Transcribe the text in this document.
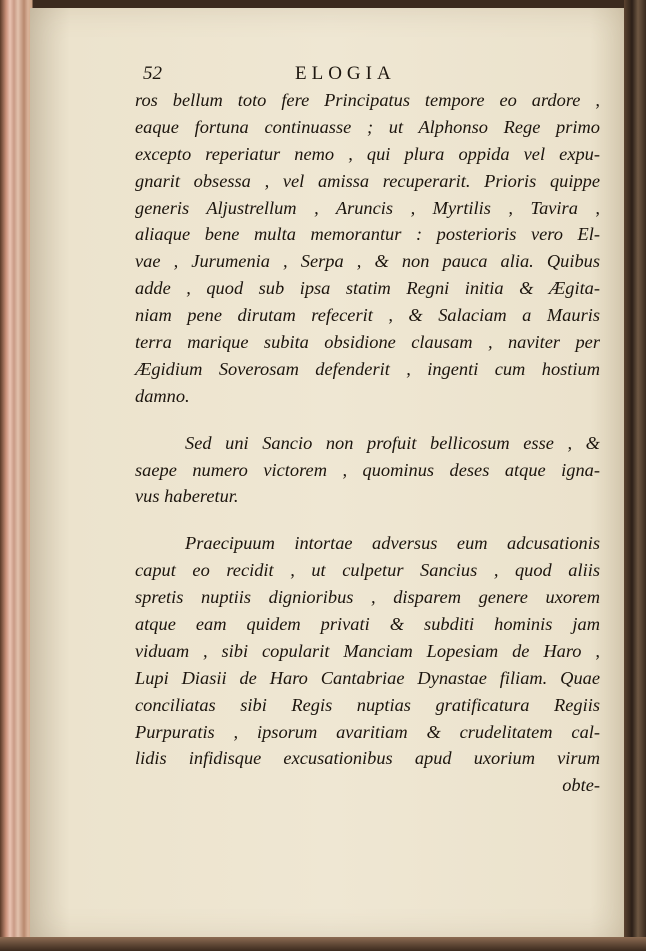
52	ELOGIA
ros bellum toto fere Principatus tempore eo ardore ,
eaque fortuna continuasse ; ut Alphonso Rege primo
excepto reperiatur nemo , qui plura oppida vel expu-
gnarit obsessa , vel amissa recuperarit. Prioris quippe
generis Aljustrellum , Aruncis , Myrtilis , Tavira ,
aliaque bene multa memorantur : posterioris vero El-
vae , Jurumenia , Serpa , & non pauca alia. Quibus
adde , quod sub ipsa statim Regni initia & Ægita-
niam pene dirutam refecerit , & Salaciam a Mauris
terra marique subita obsidione clausam , naviter per
Ægidium Soverosam defenderit , ingenti cum hostium
damno.
Sed uni Sancio non profuit bellicosum esse , &
saepe numero victorem , quominus deses atque igna-
vus haberetur.
Praecipuum intortae adversus eum adcusationis
caput eo recidit , ut culpetur Sancius , quod aliis
spretis nuptiis dignioribus , disparem genere uxorem
atque eam quidem privati & subditi hominis jam
viduam , sibi copularit Manciam Lopesiam de Haro ,
Lupi Diasii de Haro Cantabriae Dynastae filiam. Quae
conciliatas sibi Regis nuptias gratificatura Regiis
Purpuratis , ipsorum avaritiam & crudelitatem cal-
lidis infidisque excusationibus apud uxorium virum
obte-
